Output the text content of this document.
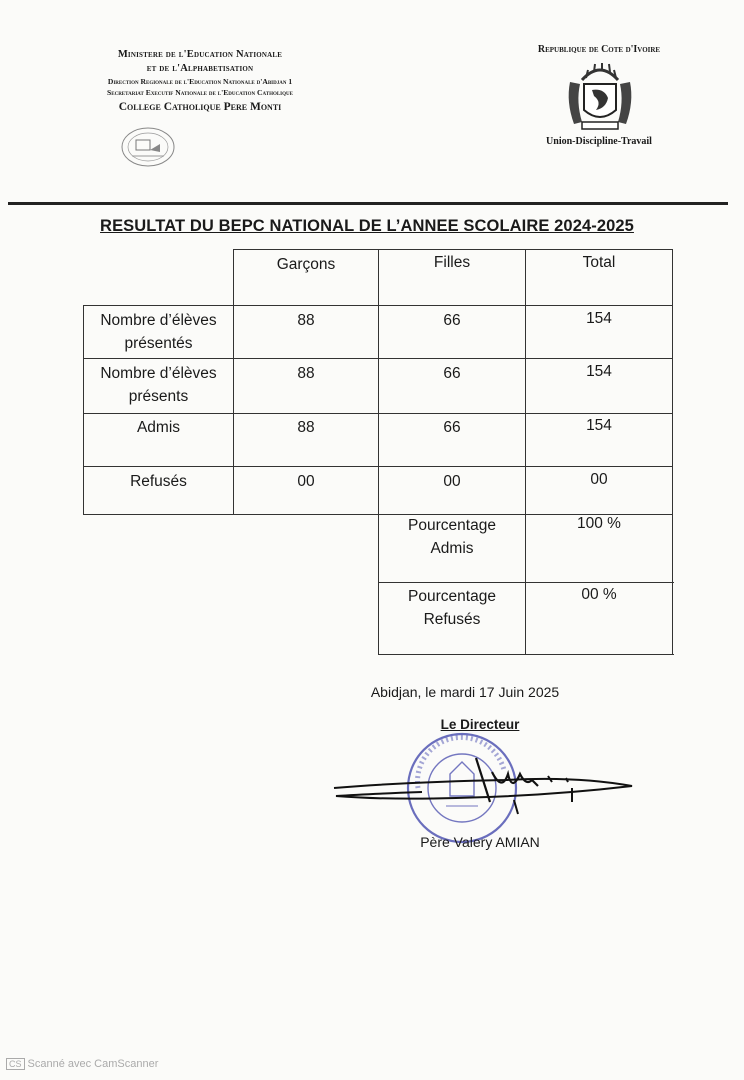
Ministere de l'Education Nationale
et de l'Alphabetisation
Direction Regionale de l'Education Nationale d'Abidjan 1
Secretariat Executif Nationale de l'Education Catholique
College Catholique Pere Monti
Republique de Cote d'Ivoire
Union-Discipline-Travail
RESULTAT DU BEPC NATIONAL DE L’ANNEE SCOLAIRE 2024-2025
Garçons	Filles	Total
Nombre d’élèves
présentés
88	66	154
Nombre d’élèves
présents
88	66	154
Admis	88	66	154
Refusés	00	00	00
Pourcentage
Admis
100 %
Pourcentage
Refusés
00 %
Abidjan, le mardi 17 Juin 2025
Le Directeur
Père Valery AMIAN
CS Scanné avec CamScanner
